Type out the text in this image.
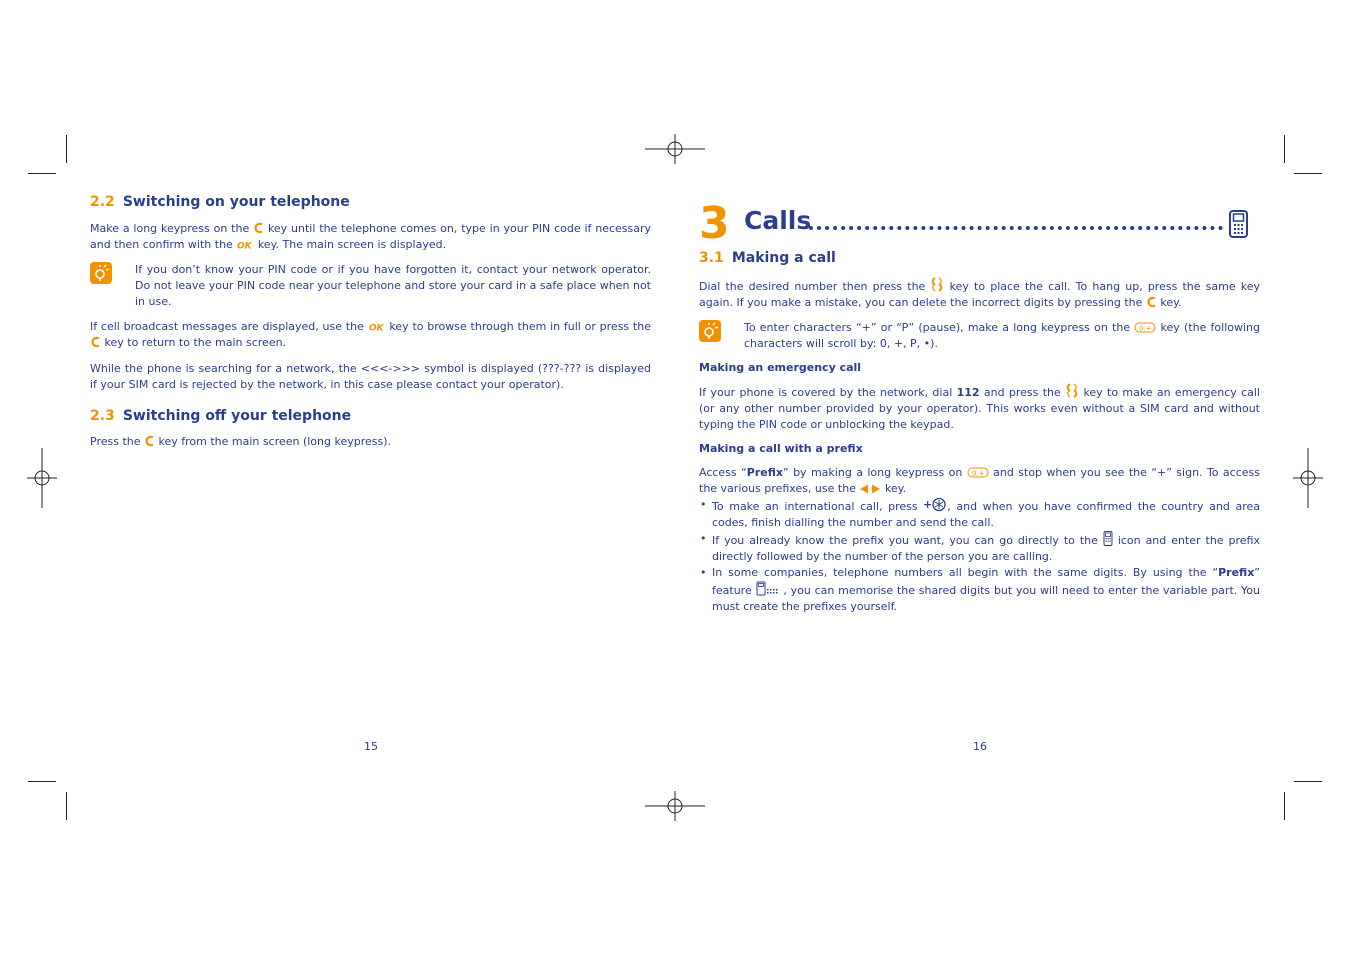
2.2 Switching on your telephone

Make a long keypress on the key until the telephone comes on, type in your PIN code if necessary and then confirm with the OK key. The main screen is displayed.

If you don’t know your PIN code or if you have forgotten it, contact your network operator. Do not leave your PIN code near your telephone and store your card in a safe place when not in use.

If cell broadcast messages are displayed, use the OK key to browse through them in full or press the  key to return to the main screen.

While the phone is searching for a network, the <<<->>> symbol is displayed (???-??? is displayed if your SIM card is rejected by the network, in this case please contact your operator).

2.3 Switching off your telephone

Press the key from the main screen (long keypress).

15
3 Calls
3.1 Making a call

Dial the desired number then press the key to place the call. To hang up, press the same key again. If you make a mistake, you can delete the incorrect digits by pressing the key.

To enter characters “+” or “P” (pause), make a long keypress on the 0.+ key (the following characters will scroll by: 0, +, P, •).

Making an emergency call

If your phone is covered by the network, dial 112 and press the key to make an emergency call (or any other number provided by your operator). This works even without a SIM card and without typing the PIN code or unblocking the keypad.

Making a call with a prefix

Access “Prefix” by making a long keypress on 0.+ and stop when you see the “+” sign. To access the various prefixes, use the	key.

• To make an international call, press + , and when you have confirmed the country and area codes, finish dialling the number and send the call.
• If you already know the prefix you want, you can go directly to the icon and enter the prefix directly followed by the number of the person you are calling.
• In some companies, telephone numbers all begin with the same digits. By using the “Prefix” feature	, you can memorise the shared digits but you will need to enter the variable part. You must create the prefixes yourself.
16
